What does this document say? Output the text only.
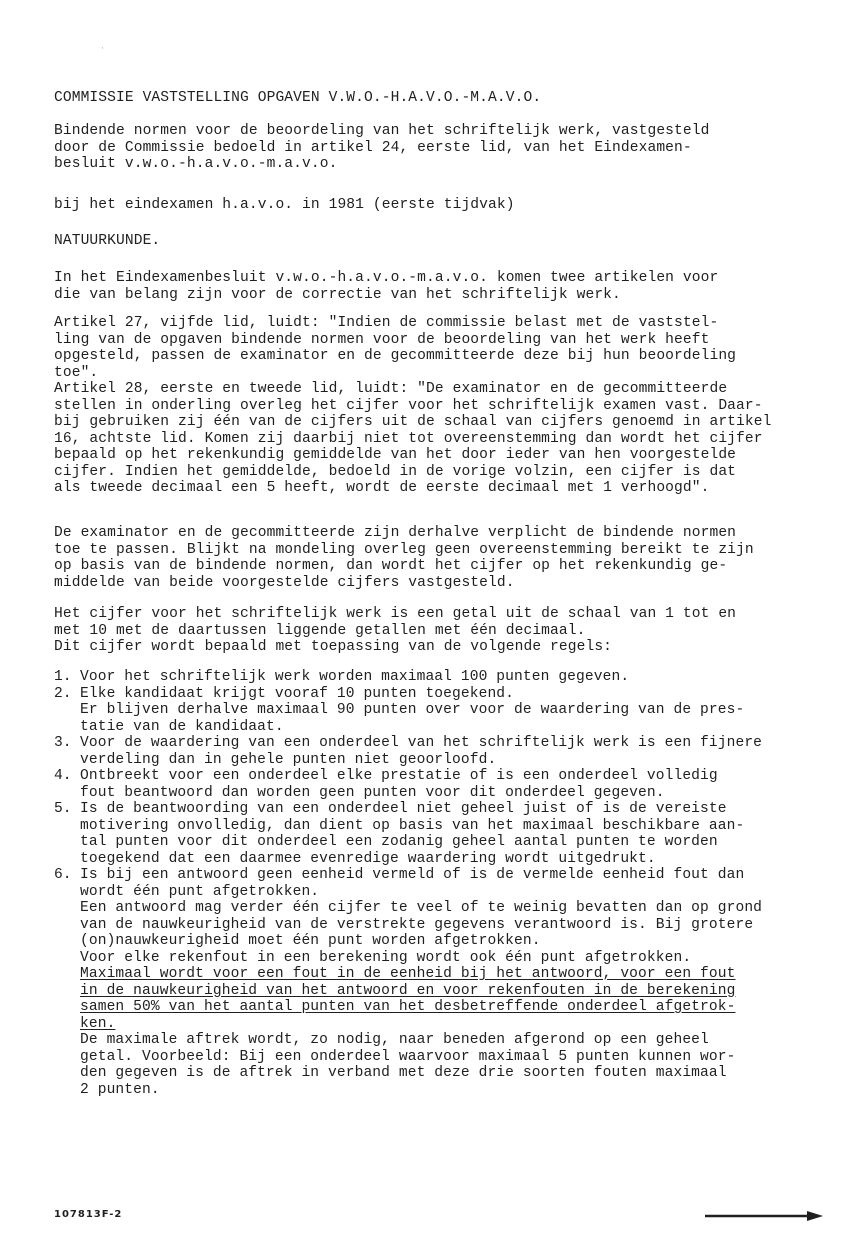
·
COMMISSIE VASTSTELLING OPGAVEN V.W.O.-H.A.V.O.-M.A.V.O.
Bindende normen voor de beoordeling van het schriftelijk werk, vastgesteld
door de Commissie bedoeld in artikel 24, eerste lid, van het Eindexamen-
besluit v.w.o.-h.a.v.o.-m.a.v.o.
bij het eindexamen h.a.v.o. in 1981 (eerste tijdvak)
NATUURKUNDE.
In het Eindexamenbesluit v.w.o.-h.a.v.o.-m.a.v.o. komen twee artikelen voor
die van belang zijn voor de correctie van het schriftelijk werk.
Artikel 27, vijfde lid, luidt: "Indien de commissie belast met de vaststel-
ling van de opgaven bindende normen voor de beoordeling van het werk heeft
opgesteld, passen de examinator en de gecommitteerde deze bij hun beoordeling
toe".
Artikel 28, eerste en tweede lid, luidt: "De examinator en de gecommitteerde
stellen in onderling overleg het cijfer voor het schriftelijk examen vast. Daar-
bij gebruiken zij één van de cijfers uit de schaal van cijfers genoemd in artikel
16, achtste lid. Komen zij daarbij niet tot overeenstemming dan wordt het cijfer
bepaald op het rekenkundig gemiddelde van het door ieder van hen voorgestelde
cijfer. Indien het gemiddelde, bedoeld in de vorige volzin, een cijfer is dat
als tweede decimaal een 5 heeft, wordt de eerste decimaal met 1 verhoogd".
De examinator en de gecommitteerde zijn derhalve verplicht de bindende normen
toe te passen. Blijkt na mondeling overleg geen overeenstemming bereikt te zijn
op basis van de bindende normen, dan wordt het cijfer op het rekenkundig ge-
middelde van beide voorgestelde cijfers vastgesteld.
Het cijfer voor het schriftelijk werk is een getal uit de schaal van 1 tot en
met 10 met de daartussen liggende getallen met één decimaal.
Dit cijfer wordt bepaald met toepassing van de volgende regels:
1. Voor het schriftelijk werk worden maximaal 100 punten gegeven.
2. Elke kandidaat krijgt vooraf 10 punten toegekend.
Er blijven derhalve maximaal 90 punten over voor de waardering van de pres-
tatie van de kandidaat.
3. Voor de waardering van een onderdeel van het schriftelijk werk is een fijnere
verdeling dan in gehele punten niet geoorloofd.
4. Ontbreekt voor een onderdeel elke prestatie of is een onderdeel volledig
fout beantwoord dan worden geen punten voor dit onderdeel gegeven.
5. Is de beantwoording van een onderdeel niet geheel juist of is de vereiste
motivering onvolledig, dan dient op basis van het maximaal beschikbare aan-
tal punten voor dit onderdeel een zodanig geheel aantal punten te worden
toegekend dat een daarmee evenredige waardering wordt uitgedrukt.
6. Is bij een antwoord geen eenheid vermeld of is de vermelde eenheid fout dan
wordt één punt afgetrokken.
Een antwoord mag verder één cijfer te veel of te weinig bevatten dan op grond
van de nauwkeurigheid van de verstrekte gegevens verantwoord is. Bij grotere
(on)nauwkeurigheid moet één punt worden afgetrokken.
Voor elke rekenfout in een berekening wordt ook één punt afgetrokken.
Maximaal wordt voor een fout in de eenheid bij het antwoord, voor een fout
in de nauwkeurigheid van het antwoord en voor rekenfouten in de berekening
samen 50% van het aantal punten van het desbetreffende onderdeel afgetrok-
ken.
De maximale aftrek wordt, zo nodig, naar beneden afgerond op een geheel
getal. Voorbeeld: Bij een onderdeel waarvoor maximaal 5 punten kunnen wor-
den gegeven is de aftrek in verband met deze drie soorten fouten maximaal
2 punten.
107813F-2
